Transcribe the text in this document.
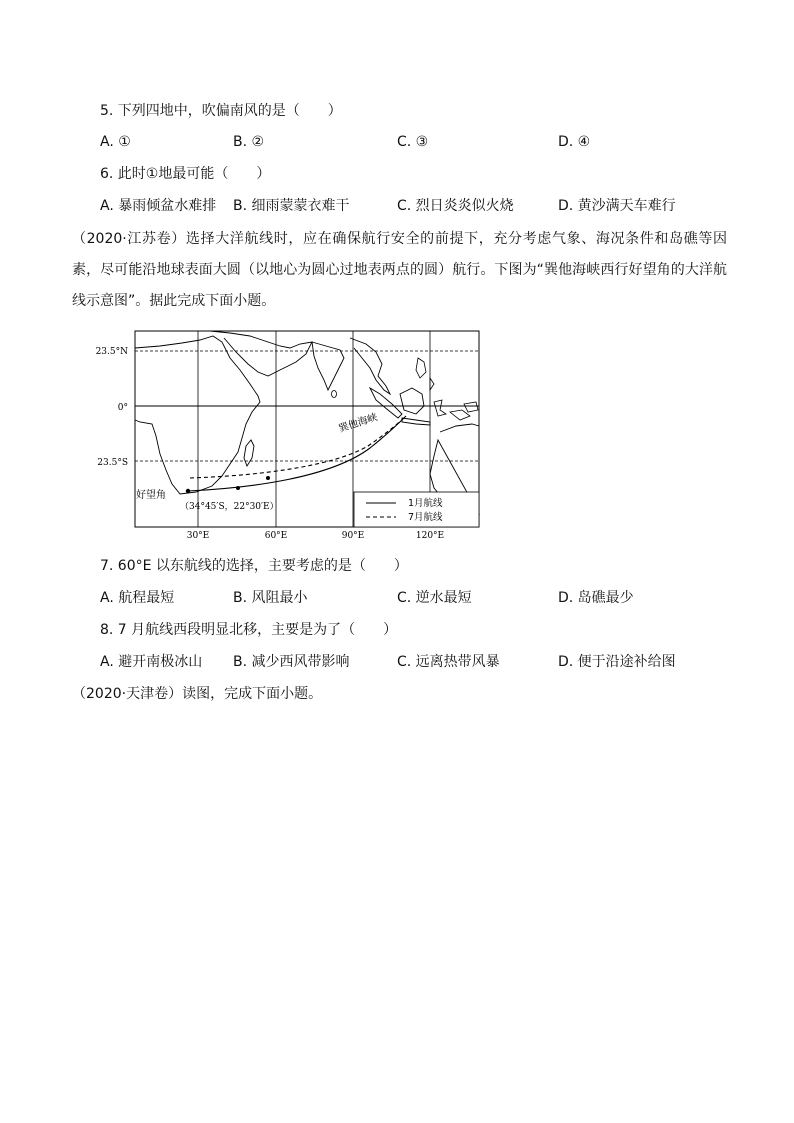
5. 下列四地中，吹偏南风的是（　　）
A. ①	B. ②	C. ③	D. ④
6. 此时①地最可能（　　）
A. 暴雨倾盆水难排 B. 细雨蒙蒙衣难干	C. 烈日炎炎似火烧	D. 黄沙满天车难行
（2020·江苏卷）选择大洋航线时，应在确保航行安全的前提下，充分考虑气象、海况条件和岛礁等因素，尽可能沿地球表面大圆（以地心为圆心过地表两点的圆）航行。下图为“巽他海峡西行好望角的大洋航线示意图”。据此完成下面小题。
23.5°N
0°
23.5°S
巽他海峡
好望角
（34°45′S，22°30′E）	1月航线
7月航线
30°E	60°E	90°E	120°E
7. 60°E 以东航线的选择，主要考虑的是（　　）
A. 航程最短	B. 风阻最小	C. 逆水最短	D. 岛礁最少
8. 7 月航线西段明显北移，主要是为了（　　）
A. 避开南极冰山 B. 减少西风带影响	C. 远离热带风暴	D. 便于沿途补给图
（2020·天津卷）读图，完成下面小题。
